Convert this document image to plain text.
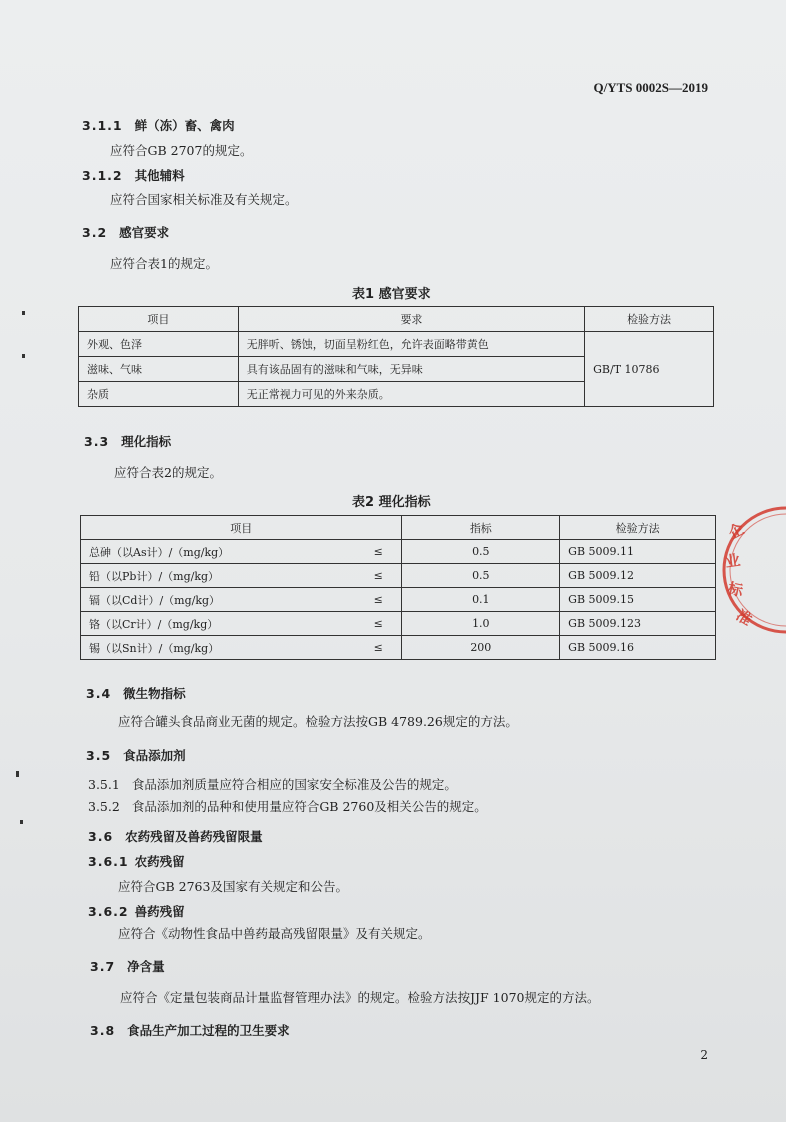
Q/YTS 0002S—2019
3.1.1 鲜（冻）畜、禽肉
应符合GB 2707的规定。
3.1.2 其他辅料
应符合国家相关标准及有关规定。
3.2 感官要求
应符合表1的规定。
表1 感官要求
项目	要求	检验方法
外观、色泽	无胖听、锈蚀，切面呈粉红色，允许表面略带黄色	GB/T 10786
滋味、气味	具有该品固有的滋味和气味，无异味	
杂质	无正常视力可见的外来杂质。	
3.3 理化指标
应符合表2的规定。
表2 理化指标
项目		指标	检验方法
总砷（以As计）/（mg/kg）	≤	0.5	GB 5009.11
铅（以Pb计）/（mg/kg）	≤	0.5	GB 5009.12
镉（以Cd计）/（mg/kg）	≤	0.1	GB 5009.15
铬（以Cr计）/（mg/kg）	≤	1.0	GB 5009.123
锡（以Sn计）/（mg/kg）	≤	200	GB 5009.16
3.4 微生物指标
应符合罐头食品商业无菌的规定。检验方法按GB 4789.26规定的方法。
3.5 食品添加剂
3.5.1 食品添加剂质量应符合相应的国家安全标准及公告的规定。
3.5.2 食品添加剂的品种和使用量应符合GB 2760及相关公告的规定。
3.6 农药残留及兽药残留限量
3.6.1 农药残留
应符合GB 2763及国家有关规定和公告。
3.6.2 兽药残留
应符合《动物性食品中兽药最高残留限量》及有关规定。
3.7 净含量
应符合《定量包装商品计量监督管理办法》的规定。检验方法按JJF 1070规定的方法。
3.8 食品生产加工过程的卫生要求
2
企
业
标
准
